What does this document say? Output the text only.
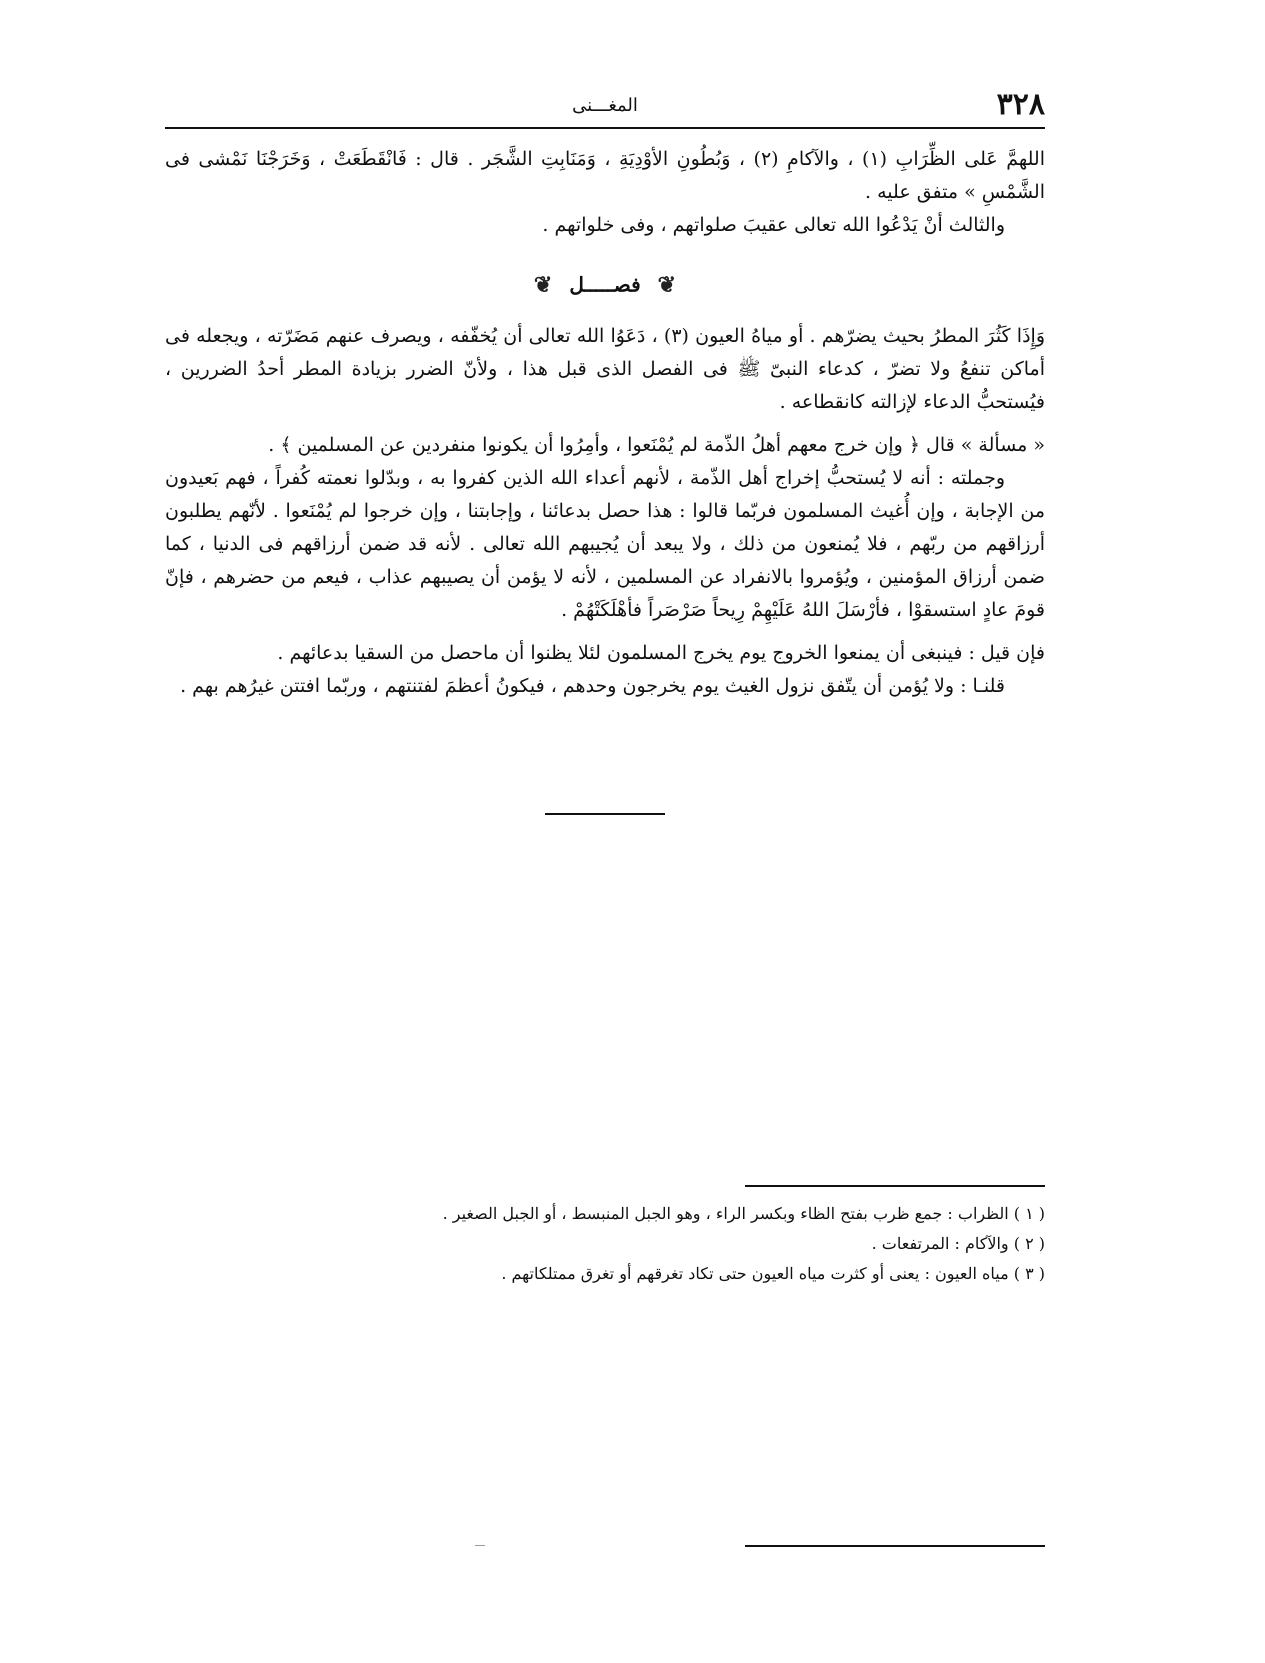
٣٢٨
المغـــنى

اللهمَّ عَلى الظِّرَابِ (١) ، والآكامِ (٢) ، وَبُطُونِ الأوْدِيَةِ ، وَمَنَابِتِ الشَّجَر . قال : فَانْقَطَعَتْ ، وَخَرَجْنَا نَمْشى فى الشَّمْسِ » متفق عليه .

والثالث أنْ يَدْعُوا الله تعالى عقيبَ صلواتهم ، وفى خلواتهم .

❦ فصـــــل ❦

وَإِذَا كَثُرَ المطرُ بحيث يضرّهم . أو مياهُ العيون (٣) ، دَعَوُا الله تعالى أن يُخفّفه ، ويصرف عنهم مَضَرّته ، ويجعله فى أماكن تنفعُ ولا تضرّ ، كدعاء النبىّ ﷺ فى الفصل الذى قبل هذا ، ولأنّ الضرر بزيادة المطر أحدُ الضررين ، فيُستحبُّ الدعاء لإزالته كانقطاعه .

« مسألة » قال ﴿ وإن خرج معهم أهلُ الذّمة لم يُمْنَعوا ، وأمِرُوا أن يكونوا منفردين عن المسلمين ﴾ .

وجملته : أنه لا يُستحبُّ إخراج أهل الذّمة ، لأنهم أعداء الله الذين كفروا به ، وبدّلوا نعمته كُفراً ، فهم بَعيدون من الإجابة ، وإن أُغيث المسلمون فربّما قالوا : هذا حصل بدعائنا ، وإجابتنا ، وإن خرجوا لم يُمْنَعوا . لأنّهم يطلبون أرزاقهم من ربّهم ، فلا يُمنعون من ذلك ، ولا يبعد أن يُجيبهم الله تعالى . لأنه قد ضمن أرزاقهم فى الدنيا ، كما ضمن أرزاق المؤمنين ، ويُؤمروا بالانفراد عن المسلمين ، لأنه لا يؤمن أن يصيبهم عذاب ، فيعم من حضرهم ، فإنّ قومَ عادٍ استسقوْا ، فأرْسَلَ اللهُ عَلَيْهِمْ رِيحاً صَرْصَراً فأهْلَكَتْهُمْ .

فإن قيل : فينبغى أن يمنعوا الخروج يوم يخرج المسلمون لئلا يظنوا أن ماحصل من السقيا بدعائهم .

قلنـا : ولا يُؤمن أن يتّفق نزول الغيث يوم يخرجون وحدهم ، فيكونُ أعظمَ لفتنتهم ، وربّما افتتن غيرُهم بهم .

( ١ ) الظراب : جمع ظرب بفتح الظاء وبكسر الراء ، وهو الجبل المنبسط ، أو الجبل الصغير .

( ٢ ) والآكام : المرتفعات .

( ٣ ) مياه العيون : يعنى أو كثرت مياه العيون حتى تكاد تغرقهم أو تغرق ممتلكاتهم .
